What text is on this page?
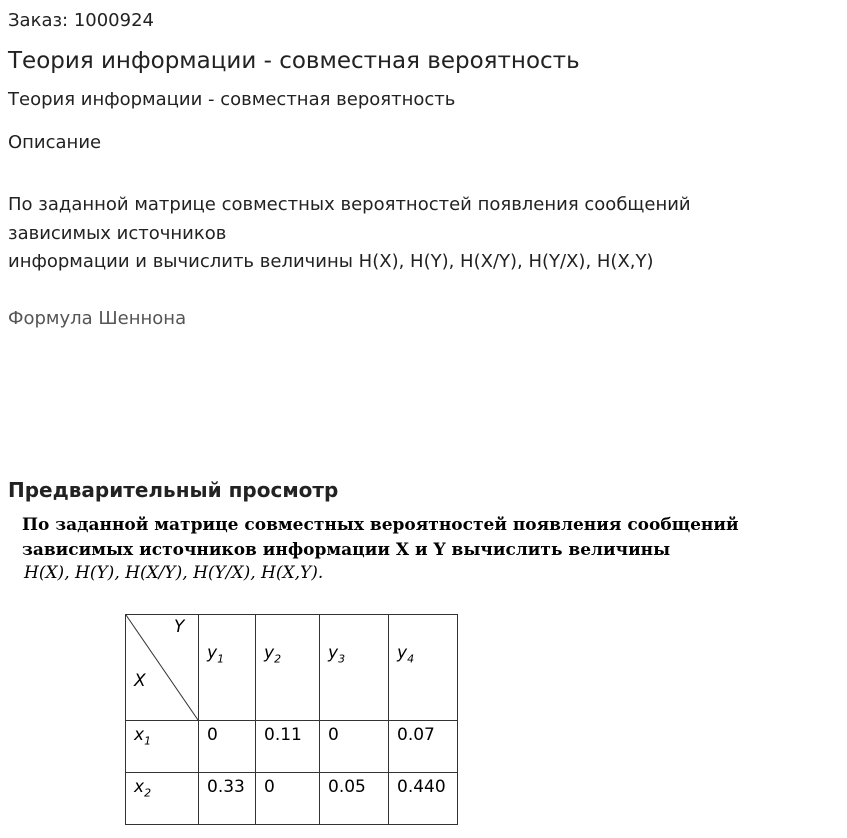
Заказ: 1000924
Теория информации - совместная вероятность
Теория информации - совместная вероятность
Описание
По заданной матрице совместных вероятностей появления сообщений
зависимых источников
информации и вычислить величины H(X), H(Y), H(X/Y), H(Y/X), H(X,Y)
Формула Шеннона
Предварительный просмотр
По заданной матрице совместных вероятностей появления сообщений
зависимых источников информации X и Y вычислить величины
H(X), H(Y), H(X/Y), H(Y/X), H(X,Y).
Y
X	$y_1$	$y_2$	$y_3$	$y_4$

$x_1$	0	0.11	0	0.07

$x_2$	0.33	0	0.05	0.440
